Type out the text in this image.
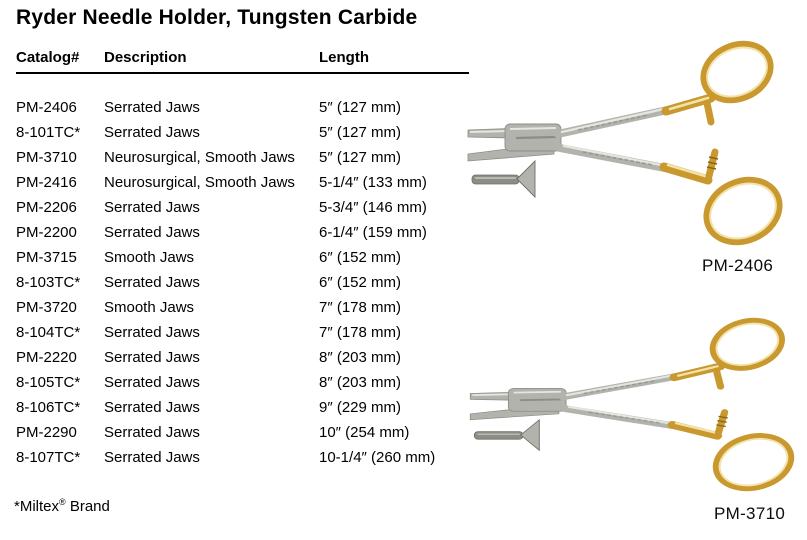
Ryder Needle Holder, Tungsten Carbide
Catalog#	Description	Length
PM-2406	Serrated Jaws	5″ (127 mm)
8-101TC*	Serrated Jaws	5″ (127 mm)
PM-3710	Neurosurgical, Smooth Jaws	5″ (127 mm)
PM-2416	Neurosurgical, Smooth Jaws	5-1/4″ (133 mm)
PM-2206	Serrated Jaws	5-3/4″ (146 mm)
PM-2200	Serrated Jaws	6-1/4″ (159 mm)
PM-3715	Smooth Jaws	6″ (152 mm)
8-103TC*	Serrated Jaws	6″ (152 mm)
PM-3720	Smooth Jaws	7″ (178 mm)
8-104TC*	Serrated Jaws	7″ (178 mm)
PM-2220	Serrated Jaws	8″ (203 mm)
8-105TC*	Serrated Jaws	8″ (203 mm)
8-106TC*	Serrated Jaws	9″ (229 mm)
PM-2290	Serrated Jaws	10″ (254 mm)
8-107TC*	Serrated Jaws	10-1/4″ (260 mm)

*Miltex® Brand

PM-2406
PM-3710
